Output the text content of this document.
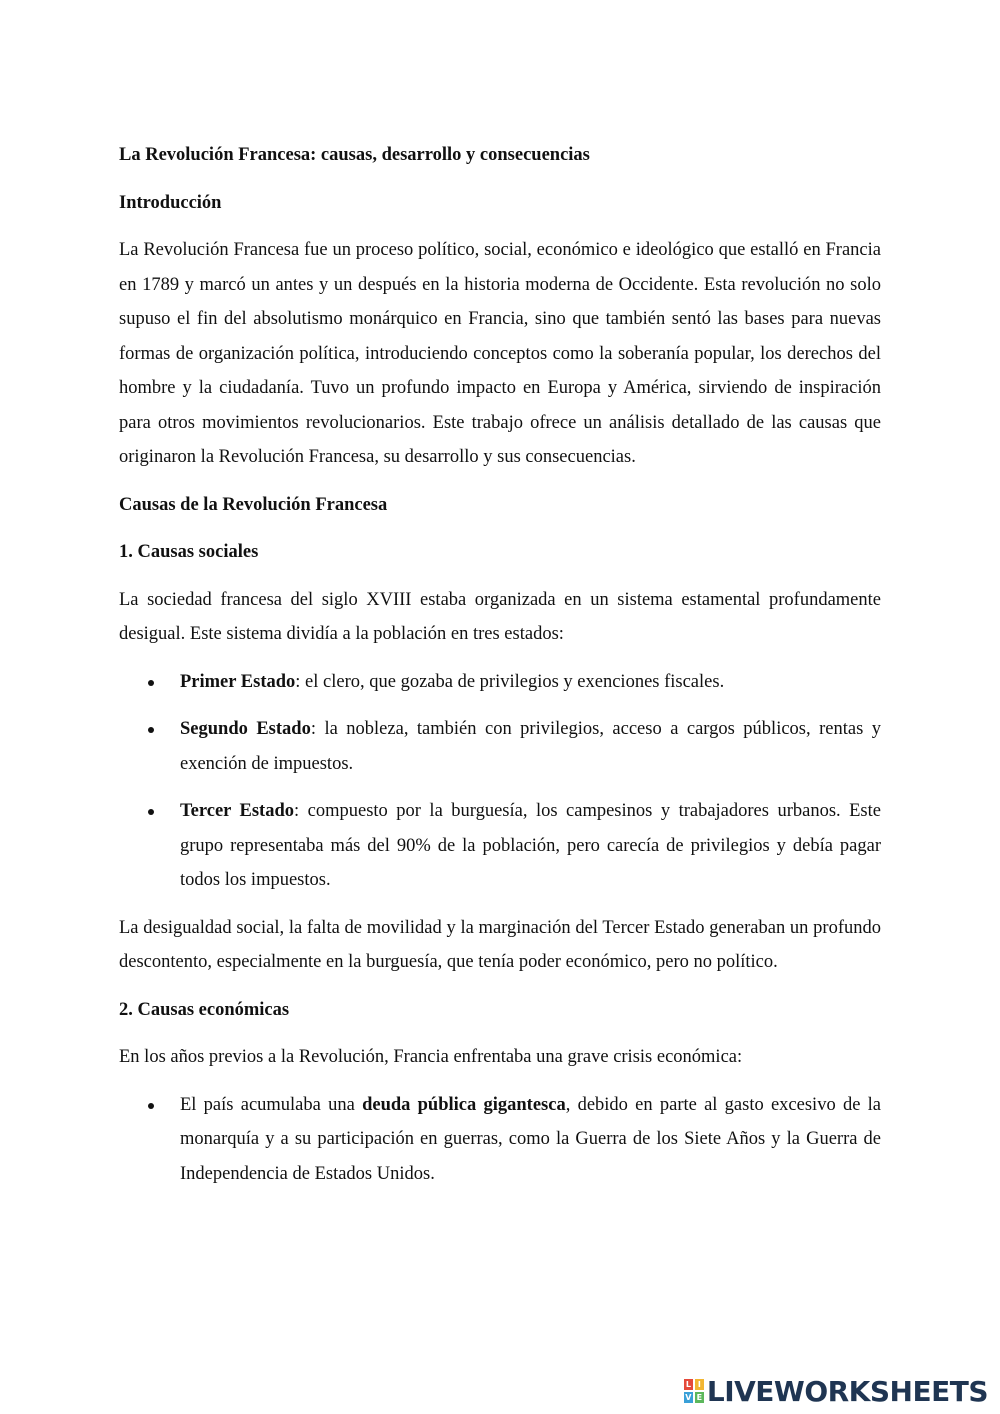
La Revolución Francesa: causas, desarrollo y consecuencias

Introducción

La Revolución Francesa fue un proceso político, social, económico e ideológico que estalló en Francia en 1789 y marcó un antes y un después en la historia moderna de Occidente. Esta revolución no solo supuso el fin del absolutismo monárquico en Francia, sino que también sentó las bases para nuevas formas de organización política, introduciendo conceptos como la soberanía popular, los derechos del hombre y la ciudadanía. Tuvo un profundo impacto en Europa y América, sirviendo de inspiración para otros movimientos revolucionarios. Este trabajo ofrece un análisis detallado de las causas que originaron la Revolución Francesa, su desarrollo y sus consecuencias.

Causas de la Revolución Francesa

1. Causas sociales

La sociedad francesa del siglo XVIII estaba organizada en un sistema estamental profundamente desigual. Este sistema dividía a la población en tres estados:

Primer Estado: el clero, que gozaba de privilegios y exenciones fiscales.
Segundo Estado: la nobleza, también con privilegios, acceso a cargos públicos, rentas y exención de impuestos.
Tercer Estado: compuesto por la burguesía, los campesinos y trabajadores urbanos. Este grupo representaba más del 90% de la población, pero carecía de privilegios y debía pagar todos los impuestos.

La desigualdad social, la falta de movilidad y la marginación del Tercer Estado generaban un profundo descontento, especialmente en la burguesía, que tenía poder económico, pero no político.

2. Causas económicas

En los años previos a la Revolución, Francia enfrentaba una grave crisis económica:

El país acumulaba una deuda pública gigantesca, debido en parte al gasto excesivo de la monarquía y a su participación en guerras, como la Guerra de los Siete Años y la Guerra de Independencia de Estados Unidos.
L I
V E LIVEWORKSHEETS
